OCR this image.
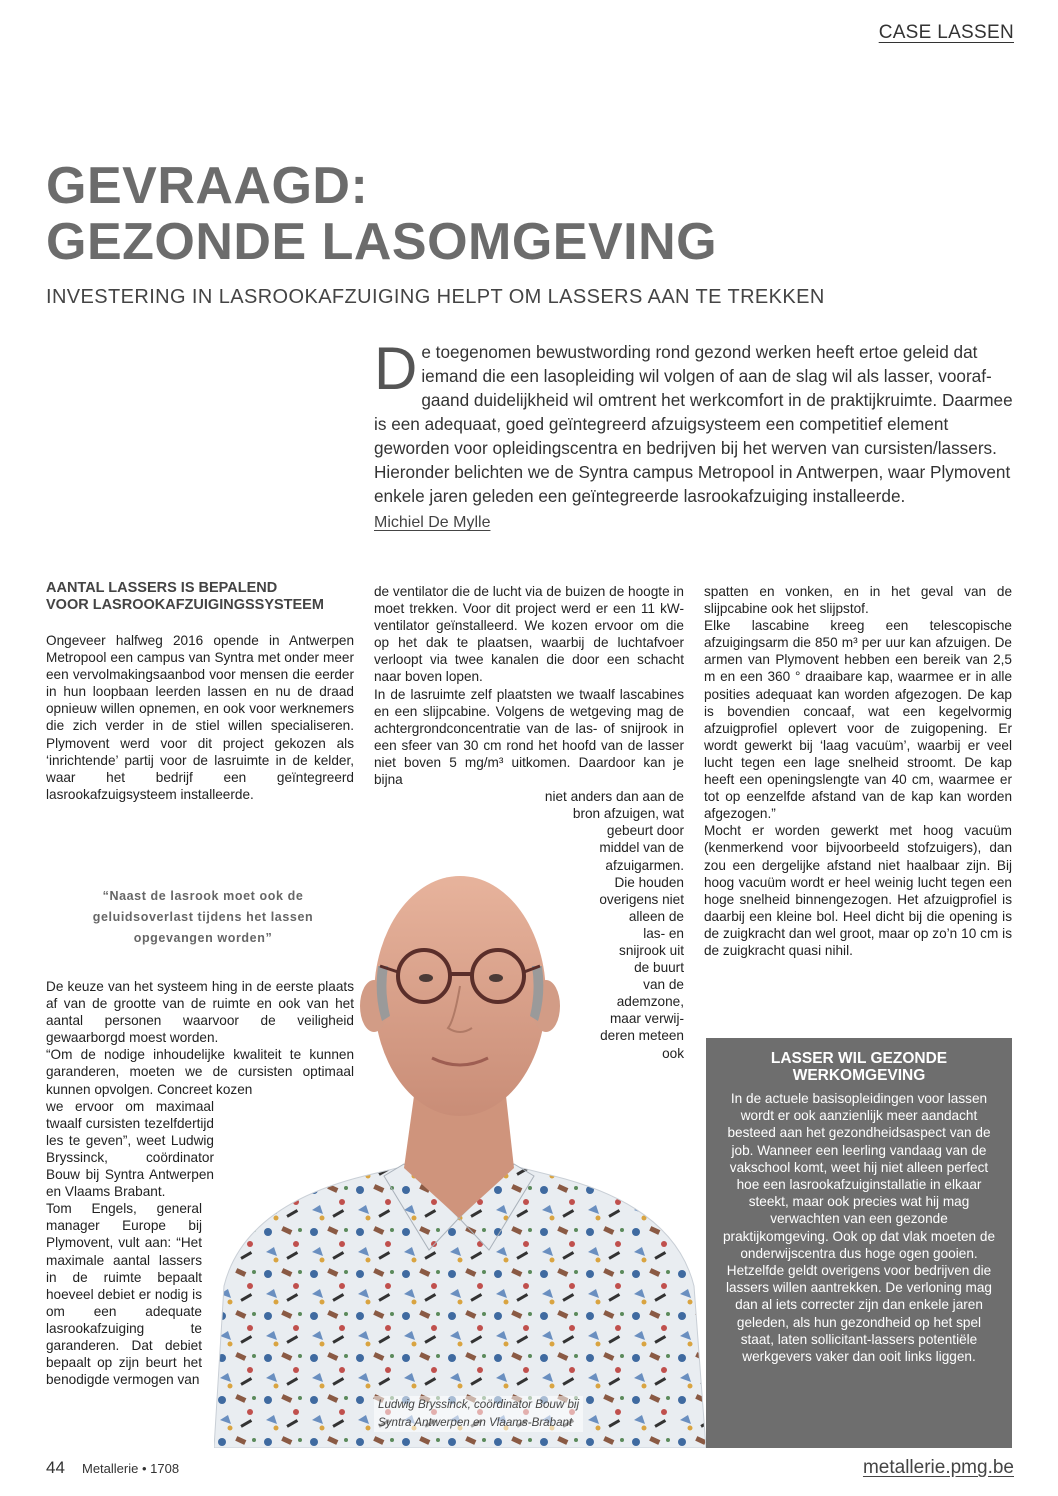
CASE LASSEN
GEVRAAGD:
GEZONDE LASOMGEVING
INVESTERING IN LASROOKAFZUIGING HELPT OM LASSERS AAN TE TREKKEN

D e toegenomen bewustwording rond gezond werken heeft ertoe geleid dat iemand die een lasopleiding wil volgen of aan de slag wil als lasser, vooraf-gaand duidelijkheid wil omtrent het werkcomfort in de praktijkruimte. Daarmee is een adequaat, goed geïntegreerd afzuigsysteem een competitief element geworden voor opleidingscentra en bedrijven bij het werven van cursisten/lassers. Hieronder belichten we de Syntra campus Metropool in Antwerpen, waar Plymovent enkele jaren geleden een geïntegreerde lasrookafzuiging installeerde.

Michiel De Mylle
AANTAL LASSERS IS BEPALEND
VOOR LASROOKAFZUIGINGSSYSTEEM

Ongeveer halfweg 2016 opende in Antwerpen Metropool een campus van Syntra met onder meer een vervolmakingsaanbod voor mensen die eerder in hun loopbaan leerden lassen en nu de draad opnieuw willen opnemen, en ook voor werknemers die zich verder in de stiel willen specialiseren. Plymovent werd voor dit project gekozen als ‘inrichtende’ partij voor de lasruimte in de kelder, waar het bedrijf een geïntegreerd lasrookafzuigsysteem installeerde.

“Naast de lasrook moet ook de
geluidsoverlast tijdens het lassen
opgevangen worden”

De keuze van het systeem hing in de eerste plaats af van de grootte van de ruimte en ook van het aantal personen waarvoor de veiligheid gewaarborgd moest worden.

“Om de nodige inhoudelijke kwaliteit te kunnen garanderen, moeten we de cursisten optimaal kunnen opvolgen. Concreet kozen

we ervoor om maximaal twaalf cursisten tezelfdertijd les te geven”, weet Ludwig Bryssinck, coördinator Bouw bij Syntra Antwerpen en Vlaams Brabant.

Tom Engels, general manager Europe bij Plymovent, vult aan: “Het maximale aantal lassers in de ruimte bepaalt hoeveel debiet er nodig is om een adequate lasrookafzuiging te garanderen. Dat debiet bepaalt op zijn beurt het benodigde vermogen van

de ventilator die de lucht via de buizen de hoogte in moet trekken. Voor dit project werd er een 11 kW-ventilator geïnstalleerd. We kozen ervoor om die op het dak te plaatsen, waarbij de luchtafvoer verloopt via twee kanalen die door een schacht naar boven lopen.

In de lasruimte zelf plaatsten we twaalf lascabines en een slijpcabine. Volgens de wetgeving mag de achtergrondconcentratie van de las- of snijrook in een sfeer van 30 cm rond het hoofd van de lasser niet boven 5 mg/m³ uitkomen. Daardoor kan je bijna

niet anders dan aan de
bron afzuigen, wat
gebeurt door
middel van de
afzuigarmen.
Die houden
overigens niet
alleen de
las- en
snijrook uit
de buurt
van de
ademzone,
maar verwij-
deren meteen
ook
Ludwig Bryssinck, coördinator Bouw bij
Syntra Antwerpen en Vlaams-Brabant

spatten en vonken, en in het geval van de slijpcabine ook het slijpstof.

Elke lascabine kreeg een telescopische afzuigingsarm die 850 m³ per uur kan afzuigen. De armen van Plymovent hebben een bereik van 2,5 m en een 360 ° draaibare kap, waarmee er in alle posities adequaat kan worden afgezogen. De kap is bovendien concaaf, wat een kegelvormig afzuigprofiel oplevert voor de zuigopening. Er wordt gewerkt bij ‘laag vacuüm’, waarbij er veel lucht tegen een lage snelheid stroomt. De kap heeft een openingslengte van 40 cm, waarmee er tot op eenzelfde afstand van de kap kan worden afgezogen.”

Mocht er worden gewerkt met hoog vacuüm (kenmerkend voor bijvoorbeeld stofzuigers), dan zou een dergelijke afstand niet haalbaar zijn. Bij hoog vacuüm wordt er heel weinig lucht tegen een hoge snelheid binnengezogen. Het afzuigprofiel is daarbij een kleine bol. Heel dicht bij die opening is de zuigkracht dan wel groot, maar op zo’n 10 cm is de zuigkracht quasi nihil.

LASSER WIL GEZONDE
WERKOMGEVING

In de actuele basisopleidingen voor lassen wordt er ook aanzienlijk meer aandacht besteed aan het gezondheidsaspect van de job. Wanneer een leerling vandaag van de vakschool komt, weet hij niet alleen perfect hoe een lasrookafzuiginstallatie in elkaar steekt, maar ook precies wat hij mag verwachten van een gezonde praktijkomgeving. Ook op dat vlak moeten de onderwijscentra dus hoge ogen gooien. Hetzelfde geldt overigens voor bedrijven die lassers willen aantrekken. De verloning mag dan al iets correcter zijn dan enkele jaren geleden, als hun gezondheid op het spel staat, laten sollicitant-lassers potentiële werkgevers vaker dan ooit links liggen.

44 Metallerie • 1708	metallerie.pmg.be
